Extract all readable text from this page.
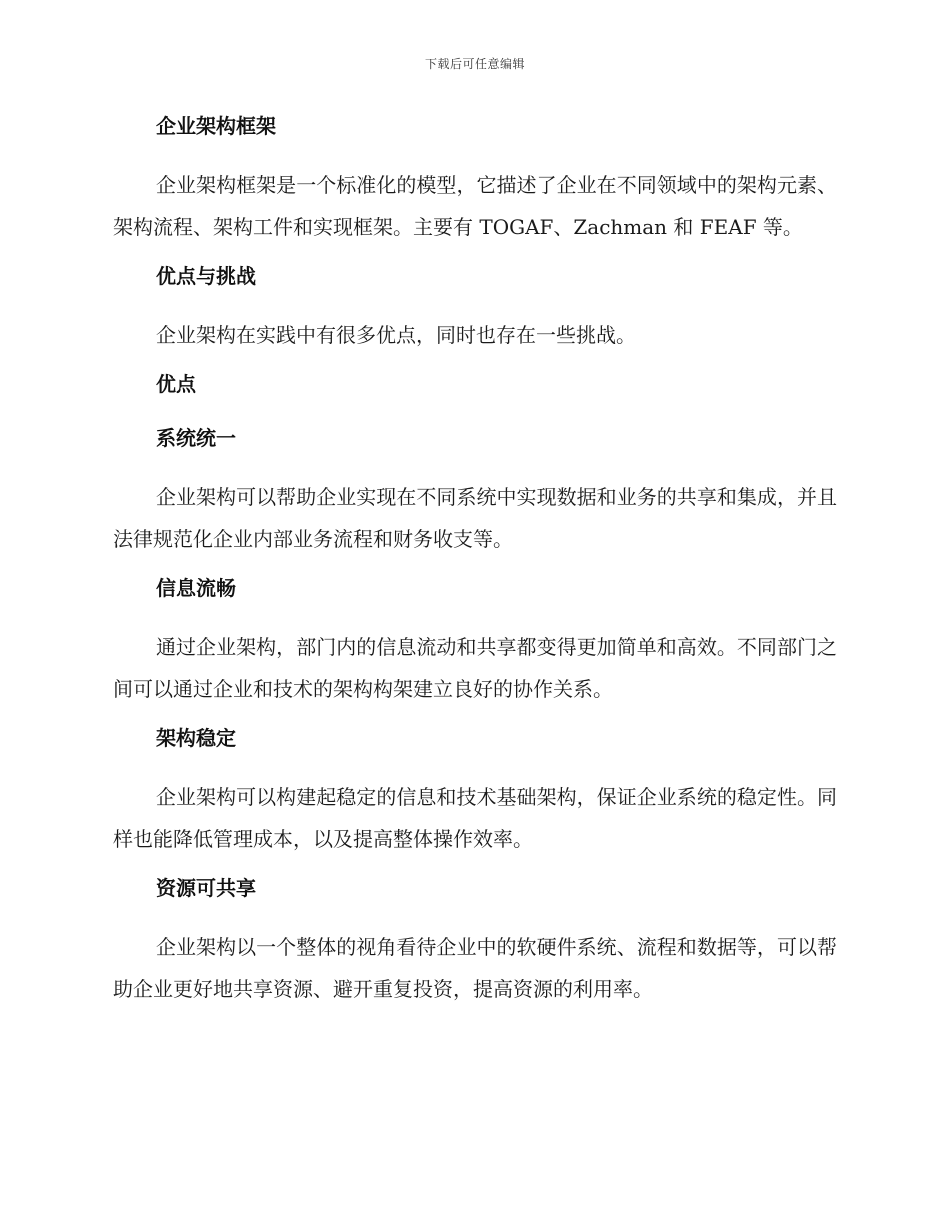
下载后可任意编辑
企业架构框架

企业架构框架是一个标准化的模型，它描述了企业在不同领域中的架构元素、架构流程、架构工件和实现框架。主要有 TOGAF、Zachman 和 FEAF 等。

优点与挑战

企业架构在实践中有很多优点，同时也存在一些挑战。

优点
系统统一

企业架构可以帮助企业实现在不同系统中实现数据和业务的共享和集成，并且法律规范化企业内部业务流程和财务收支等。

信息流畅

通过企业架构，部门内的信息流动和共享都变得更加简单和高效。不同部门之间可以通过企业和技术的架构构架建立良好的协作关系。

架构稳定

企业架构可以构建起稳定的信息和技术基础架构，保证企业系统的稳定性。同样也能降低管理成本，以及提高整体操作效率。

资源可共享

企业架构以一个整体的视角看待企业中的软硬件系统、流程和数据等，可以帮助企业更好地共享资源、避开重复投资，提高资源的利用率。
